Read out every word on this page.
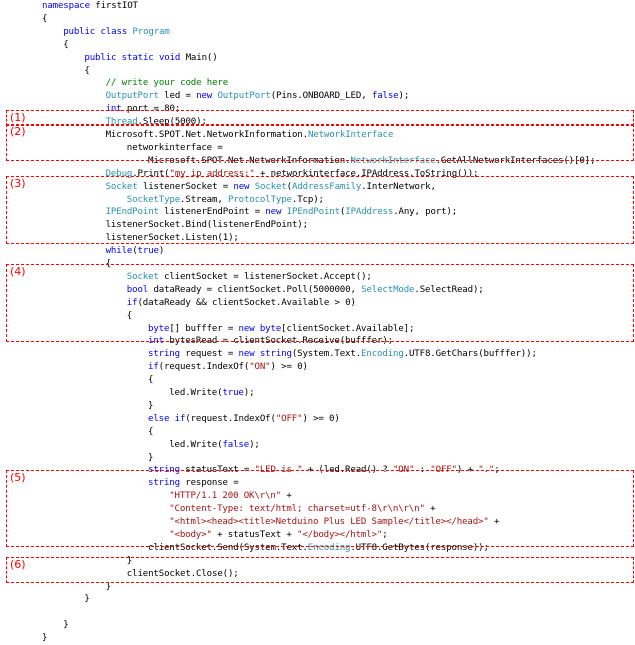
namespace firstIOT
{
public class Program
{
public static void Main()
{
// write your code here
OutputPort led = new OutputPort(Pins.ONBOARD_LED, false);
int port = 80;
Thread.Sleep(5000);
Microsoft.SPOT.Net.NetworkInformation.NetworkInterface
networkinterface =
Microsoft.SPOT.Net.NetworkInformation.NetworkInterface.GetAllNetworkInterfaces()[0];
Debug.Print("my ip address:" + networkinterface.IPAddress.ToString());
Socket listenerSocket = new Socket(AddressFamily.InterNetwork,
SocketType.Stream, ProtocolType.Tcp);
IPEndPoint listenerEndPoint = new IPEndPoint(IPAddress.Any, port);
listenerSocket.Bind(listenerEndPoint);
listenerSocket.Listen(1);
while(true)
{
Socket clientSocket = listenerSocket.Accept();
bool dataReady = clientSocket.Poll(5000000, SelectMode.SelectRead);
if(dataReady && clientSocket.Available > 0)
{
byte[] bufffer = new byte[clientSocket.Available];
int bytesRead = clientSocket.Receive(bufffer);
string request = new string(System.Text.Encoding.UTF8.GetChars(bufffer));
if(request.IndexOf("ON") >= 0)
{
led.Write(true);
}
else if(request.IndexOf("OFF") >= 0)
{
led.Write(false);
}
string statusText = "LED is " + (led.Read() ? "ON" : "OFF") + ".";
string response =
"HTTP/1.1 200 OK\r\n" +
"Content-Type: text/html; charset=utf-8\r\n\r\n" +
"<html><head><title>Netduino Plus LED Sample</title></head>" +
"<body>" + statusText + "</body></html>";
clientSocket.Send(System.Text.Encoding.UTF8.GetBytes(response));
}
clientSocket.Close();
}
}
}
}
(1)
(2)
(3)
(4)
(5)
(6)
